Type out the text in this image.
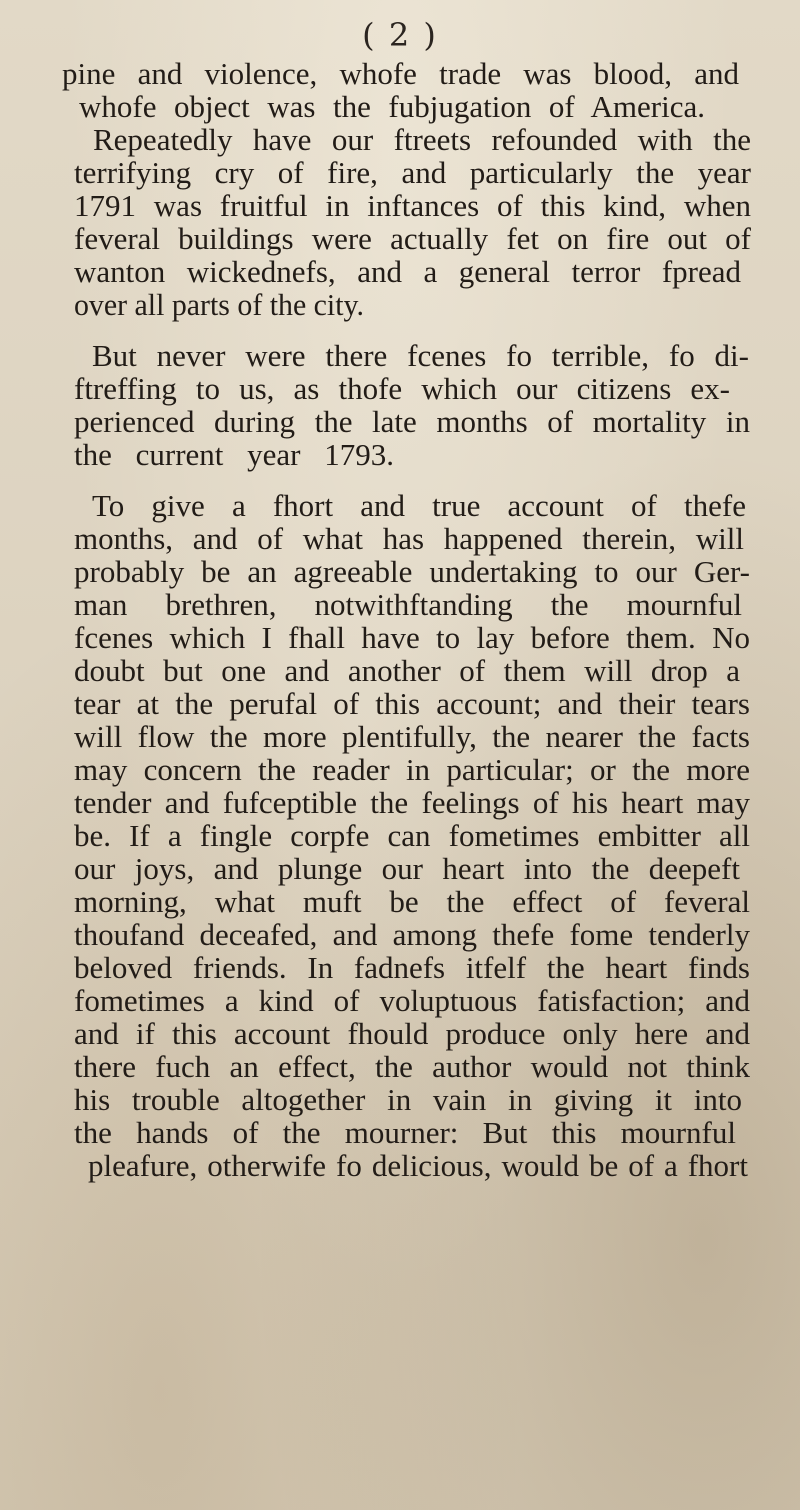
( 2 )
pine and violence, whofe trade was blood, and
whofe object was the fubjugation of America.
Repeatedly have our ftreets refounded with the
terrifying cry of fire, and particularly the year
1791 was fruitful in inftances of this kind, when
feveral buildings were actually fet on fire out of
wanton wickednefs, and a general terror fpread
over all parts of the city.
But never were there fcenes fo terrible, fo di-
ftreffing to us, as thofe which our citizens ex-
perienced during the late months of mortality in
the current year 1793.
To give a fhort and true account of thefe
months, and of what has happened therein, will
probably be an agreeable undertaking to our Ger-
man brethren, notwithftanding the mournful
fcenes which I fhall have to lay before them. No
doubt but one and another of them will drop a
tear at the perufal of this account; and their tears
will flow the more plentifully, the nearer the facts
may concern the reader in particular; or the more
tender and fufceptible the feelings of his heart may
be. If a fingle corpfe can fometimes embitter all
our joys, and plunge our heart into the deepeft
morning, what muft be the effect of feveral
thoufand deceafed, and among thefe fome tenderly
beloved friends. In fadnefs itfelf the heart finds
fometimes a kind of voluptuous fatisfaction; and
and if this account fhould produce only here and
there fuch an effect, the author would not think
his trouble altogether in vain in giving it into
the hands of the mourner: But this mournful
pleafure, otherwife fo delicious, would be of a fhort
